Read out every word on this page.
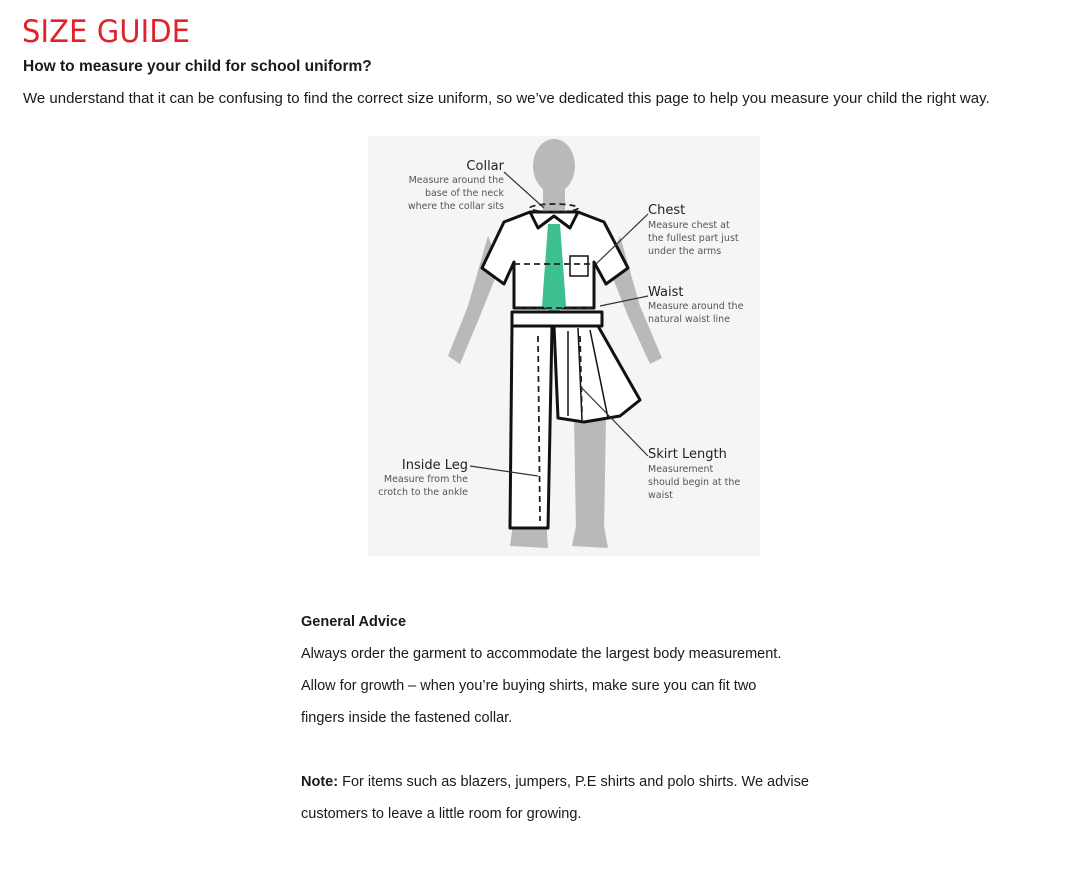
SIZE GUIDE
How to measure your child for school uniform?

We understand that it can be confusing to find the correct size uniform, so we’ve dedicated this page to help you measure your child the right way.

Collar
Measure around the
base of the neck
where the collar sits	Chest
Measure chest at
the fullest part just
under the arms
Waist
Measure around the
natural waist line
Inside Leg
Measure from the
crotch to the ankle
Skirt Length
Measurement
should begin at the
waist

General Advice

Always order the garment to accommodate the largest body measurement.

Allow for growth – when you’re buying shirts, make sure you can fit two

fingers inside the fastened collar.

Note: For items such as blazers, jumpers, P.E shirts and polo shirts. We advise

customers to leave a little room for growing.
